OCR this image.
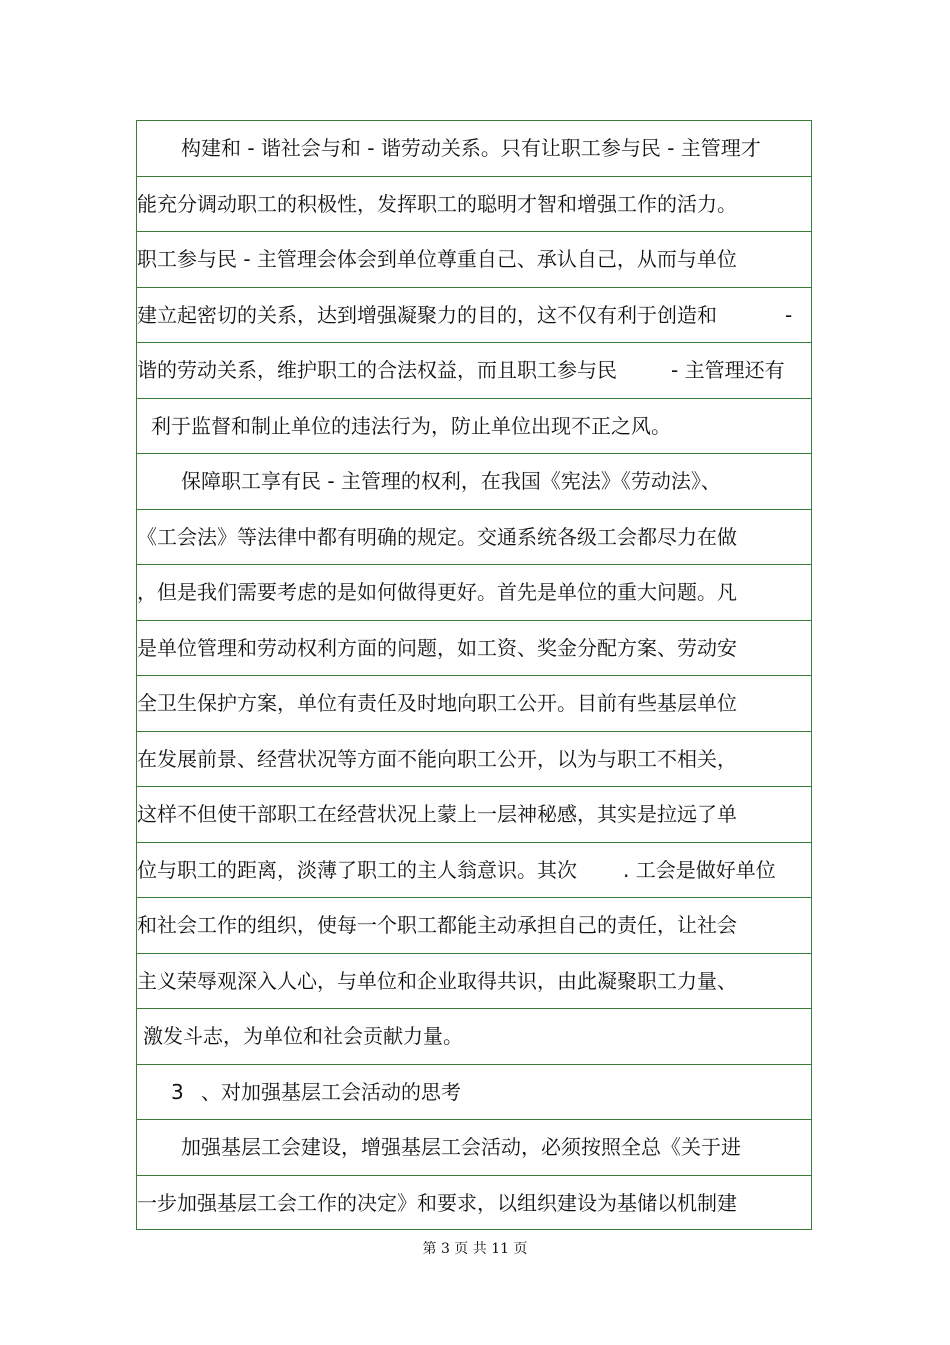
构建和 - 谐社会与和 - 谐劳动关系。只有让职工参与民 - 主管理才
能充分调动职工的积极性，发挥职工的聪明才智和增强工作的活力。
职工参与民 - 主管理会体会到单位尊重自己、承认自己，从而与单位
建立起密切的关系，达到增强凝聚力的目的，这不仅有利于创造和	-
谐的劳动关系，维护职工的合法权益，而且职工参与民	- 主管理还有
利于监督和制止单位的违法行为，防止单位出现不正之风。
保障职工享有民 - 主管理的权利，在我国《宪法》《劳动法》、
《工会法》等法律中都有明确的规定。交通系统各级工会都尽力在做
，但是我们需要考虑的是如何做得更好。首先是单位的重大问题。凡
是单位管理和劳动权利方面的问题，如工资、奖金分配方案、劳动安
全卫生保护方案，单位有责任及时地向职工公开。目前有些基层单位
在发展前景、经营状况等方面不能向职工公开，以为与职工不相关，
这样不但使干部职工在经营状况上蒙上一层神秘感，其实是拉远了单
位与职工的距离，淡薄了职工的主人翁意识。其次 . 工会是做好单位
和社会工作的组织，使每一个职工都能主动承担自己的责任，让社会
主义荣辱观深入人心，与单位和企业取得共识，由此凝聚职工力量、
激发斗志，为单位和社会贡献力量。
3 、对加强基层工会活动的思考
加强基层工会建设，增强基层工会活动，必须按照全总《关于进
一步加强基层工会工作的决定》和要求，以组织建设为基储以机制建
第 3 页 共 11 页
